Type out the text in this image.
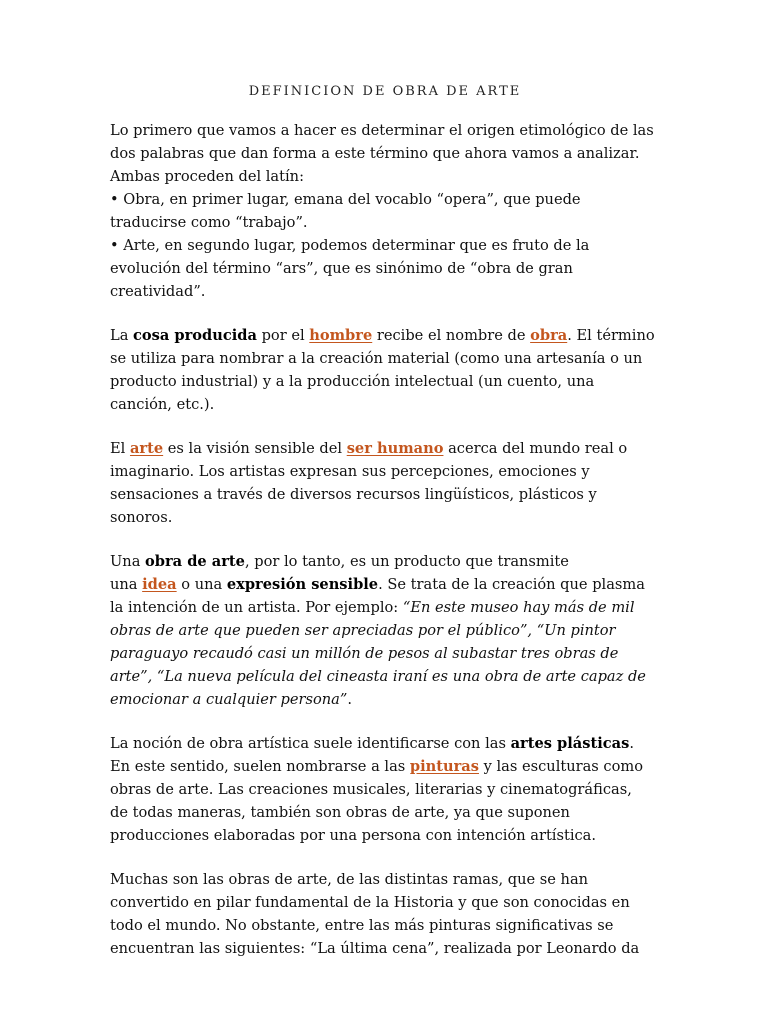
DEFINICION DE OBRA DE ARTE

Lo primero que vamos a hacer es determinar el origen etimológico de las
dos palabras que dan forma a este término que ahora vamos a analizar.
Ambas proceden del latín:
• Obra, en primer lugar, emana del vocablo “opera”, que puede
traducirse como “trabajo”.
• Arte, en segundo lugar, podemos determinar que es fruto de la
evolución del término “ars”, que es sinónimo de “obra de gran
creatividad”.

La cosa producida por el hombre recibe el nombre de obra. El término
se utiliza para nombrar a la creación material (como una artesanía o un
producto industrial) y a la producción intelectual (un cuento, una
canción, etc.).

El arte es la visión sensible del ser humano acerca del mundo real o
imaginario. Los artistas expresan sus percepciones, emociones y
sensaciones a través de diversos recursos lingüísticos, plásticos y
sonoros.

Una obra de arte, por lo tanto, es un producto que transmite
una idea o una expresión sensible. Se trata de la creación que plasma
la intención de un artista. Por ejemplo: “En este museo hay más de mil
obras de arte que pueden ser apreciadas por el público”, “Un pintor
paraguayo recaudó casi un millón de pesos al subastar tres obras de
arte”, “La nueva película del cineasta iraní es una obra de arte capaz de
emocionar a cualquier persona”.

La noción de obra artística suele identificarse con las artes plásticas.
En este sentido, suelen nombrarse a las pinturas y las esculturas como
obras de arte. Las creaciones musicales, literarias y cinematográficas,
de todas maneras, también son obras de arte, ya que suponen
producciones elaboradas por una persona con intención artística.

Muchas son las obras de arte, de las distintas ramas, que se han
convertido en pilar fundamental de la Historia y que son conocidas en
todo el mundo. No obstante, entre las más pinturas significativas se
encuentran las siguientes: “La última cena”, realizada por Leonardo da
